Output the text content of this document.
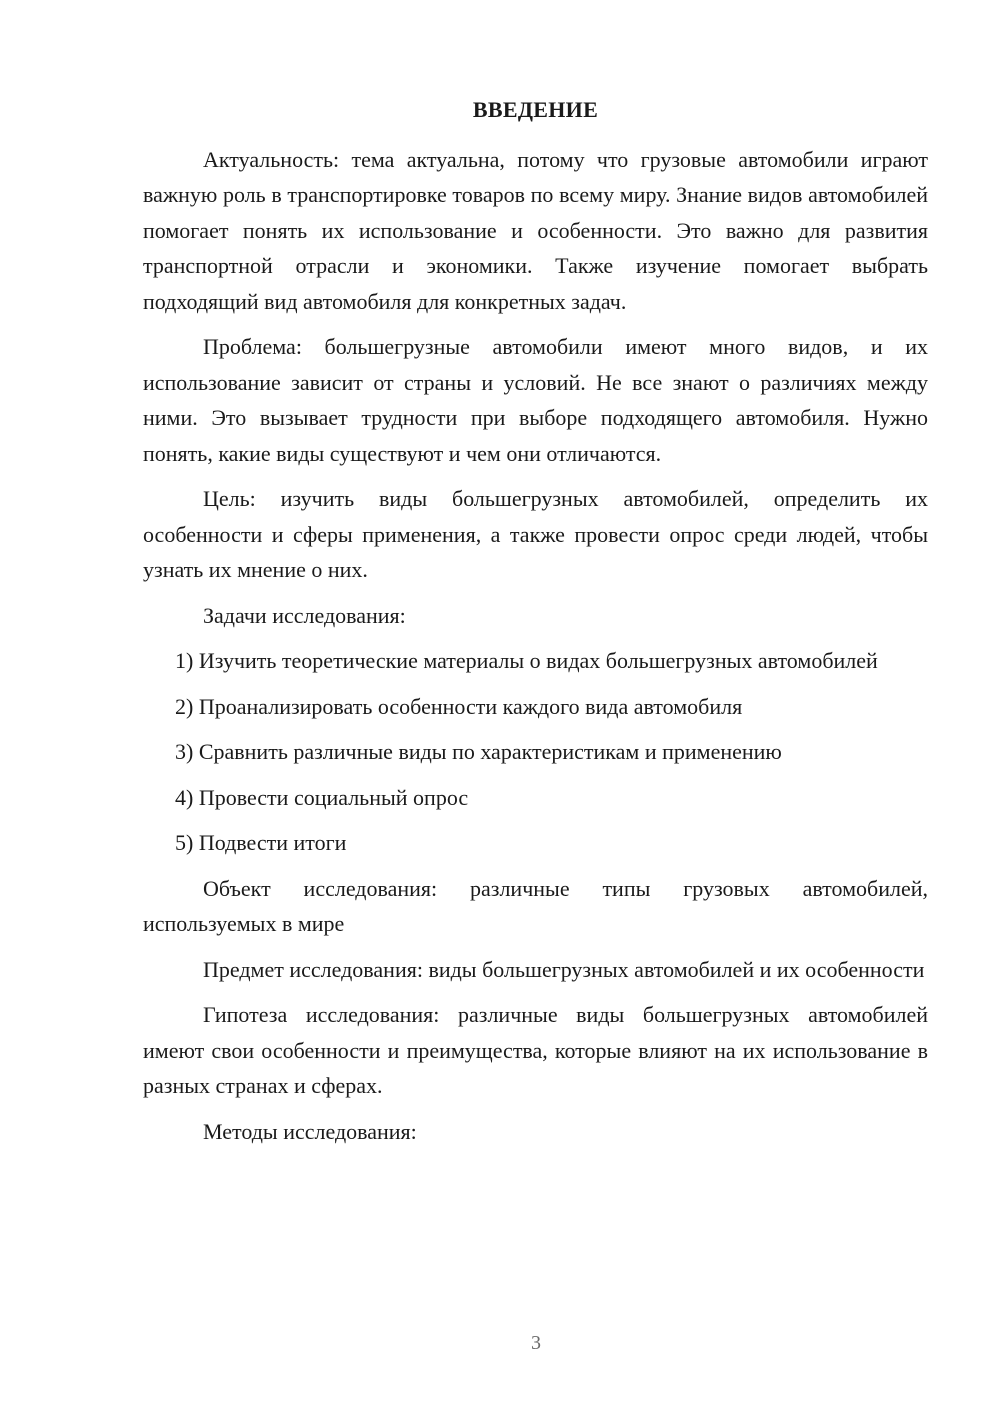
ВВЕДЕНИЕ

Актуальность: тема актуальна, потому что грузовые автомобили играют важную роль в транспортировке товаров по всему миру. Знание видов автомобилей помогает понять их использование и особенности. Это важно для развития транспортной отрасли и экономики. Также изучение помогает выбрать подходящий вид автомобиля для конкретных задач.

Проблема: большегрузные автомобили имеют много видов, и их использование зависит от страны и условий. Не все знают о различиях между ними. Это вызывает трудности при выборе подходящего автомобиля. Нужно понять, какие виды существуют и чем они отличаются.

Цель: изучить виды большегрузных автомобилей, определить их особенности и сферы применения, а также провести опрос среди людей, чтобы узнать их мнение о них.

Задачи исследования:

1) Изучить теоретические материалы о видах большегрузных автомобилей

2) Проанализировать особенности каждого вида автомобиля

3) Сравнить различные виды по характеристикам и применению

4) Провести социальный опрос

5) Подвести итоги

Объект исследования: различные типы грузовых автомобилей, используемых в мире

Предмет исследования: виды большегрузных автомобилей и их особенности

Гипотеза исследования: различные виды большегрузных автомобилей имеют свои особенности и преимущества, которые влияют на их использование в разных странах и сферах.

Методы исследования:

3
